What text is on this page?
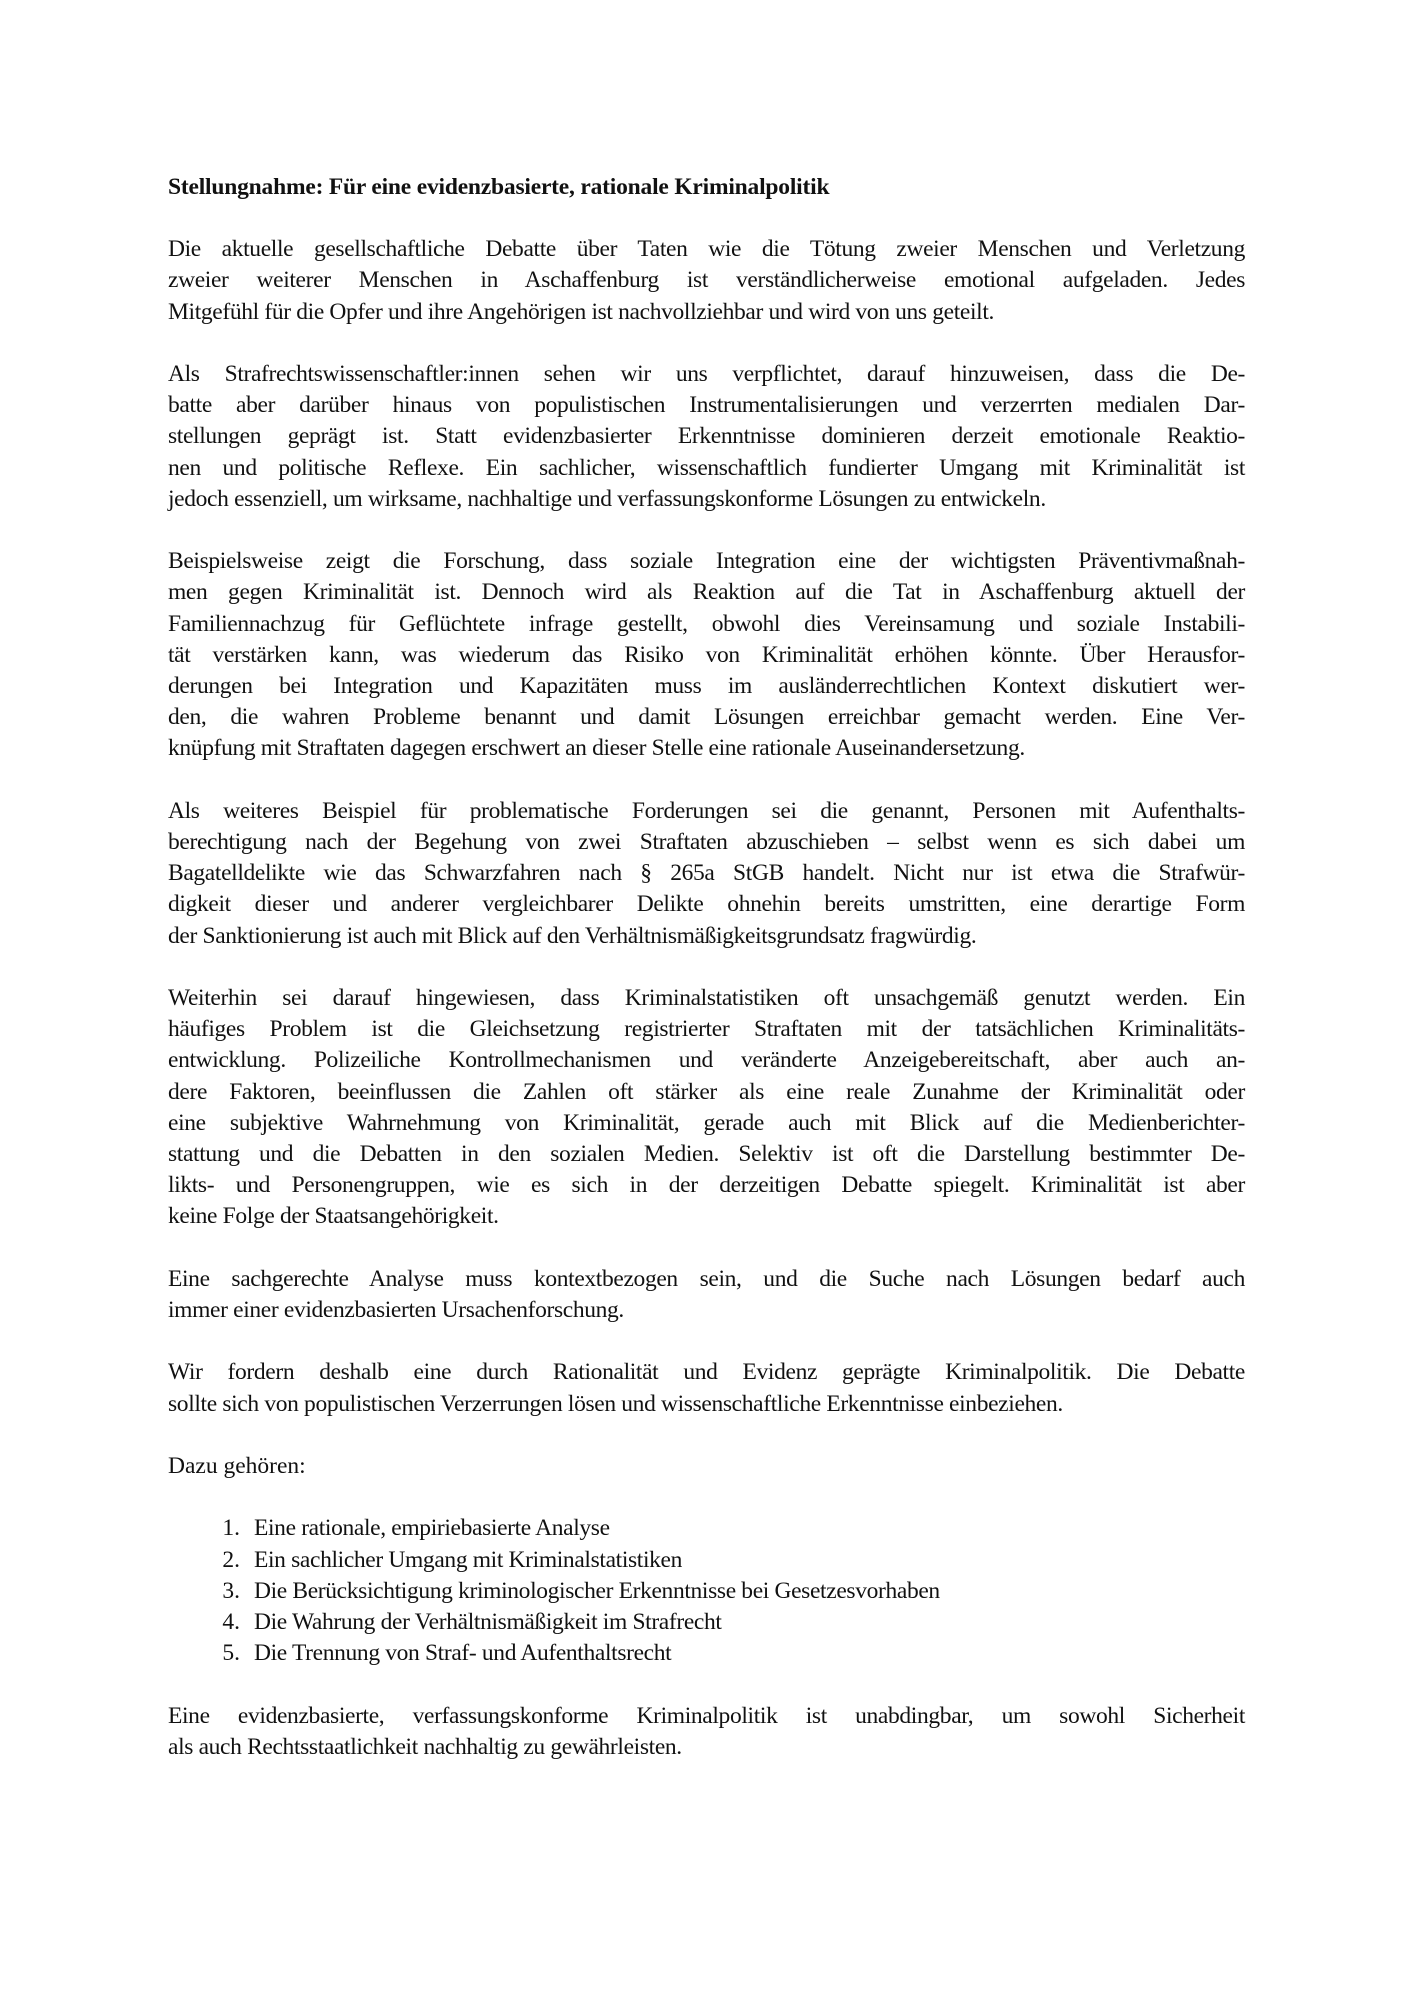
Stellungnahme: Für eine evidenzbasierte, rationale Kriminalpolitik
Die aktuelle gesellschaftliche Debatte über Taten wie die Tötung zweier Menschen und Verletzung
zweier weiterer Menschen in Aschaffenburg ist verständlicherweise emotional aufgeladen. Jedes
Mitgefühl für die Opfer und ihre Angehörigen ist nachvollziehbar und wird von uns geteilt.
Als Strafrechtswissenschaftler:innen sehen wir uns verpflichtet, darauf hinzuweisen, dass die De-
batte aber darüber hinaus von populistischen Instrumentalisierungen und verzerrten medialen Dar-
stellungen geprägt ist. Statt evidenzbasierter Erkenntnisse dominieren derzeit emotionale Reaktio-
nen und politische Reflexe. Ein sachlicher, wissenschaftlich fundierter Umgang mit Kriminalität ist
jedoch essenziell, um wirksame, nachhaltige und verfassungskonforme Lösungen zu entwickeln.
Beispielsweise zeigt die Forschung, dass soziale Integration eine der wichtigsten Präventivmaßnah-
men gegen Kriminalität ist. Dennoch wird als Reaktion auf die Tat in Aschaffenburg aktuell der
Familiennachzug für Geflüchtete infrage gestellt, obwohl dies Vereinsamung und soziale Instabili-
tät verstärken kann, was wiederum das Risiko von Kriminalität erhöhen könnte. Über Herausfor-
derungen bei Integration und Kapazitäten muss im ausländerrechtlichen Kontext diskutiert wer-
den, die wahren Probleme benannt und damit Lösungen erreichbar gemacht werden. Eine Ver-
knüpfung mit Straftaten dagegen erschwert an dieser Stelle eine rationale Auseinandersetzung.
Als weiteres Beispiel für problematische Forderungen sei die genannt, Personen mit Aufenthalts-
berechtigung nach der Begehung von zwei Straftaten abzuschieben – selbst wenn es sich dabei um
Bagatelldelikte wie das Schwarzfahren nach § 265a StGB handelt. Nicht nur ist etwa die Strafwür-
digkeit dieser und anderer vergleichbarer Delikte ohnehin bereits umstritten, eine derartige Form
der Sanktionierung ist auch mit Blick auf den Verhältnismäßigkeitsgrundsatz fragwürdig.
Weiterhin sei darauf hingewiesen, dass Kriminalstatistiken oft unsachgemäß genutzt werden. Ein
häufiges Problem ist die Gleichsetzung registrierter Straftaten mit der tatsächlichen Kriminalitäts-
entwicklung. Polizeiliche Kontrollmechanismen und veränderte Anzeigebereitschaft, aber auch an-
dere Faktoren, beeinflussen die Zahlen oft stärker als eine reale Zunahme der Kriminalität oder
eine subjektive Wahrnehmung von Kriminalität, gerade auch mit Blick auf die Medienberichter-
stattung und die Debatten in den sozialen Medien. Selektiv ist oft die Darstellung bestimmter De-
likts- und Personengruppen, wie es sich in der derzeitigen Debatte spiegelt. Kriminalität ist aber
keine Folge der Staatsangehörigkeit.
Eine sachgerechte Analyse muss kontextbezogen sein, und die Suche nach Lösungen bedarf auch
immer einer evidenzbasierten Ursachenforschung.
Wir fordern deshalb eine durch Rationalität und Evidenz geprägte Kriminalpolitik. Die Debatte
sollte sich von populistischen Verzerrungen lösen und wissenschaftliche Erkenntnisse einbeziehen.
Dazu gehören:
1. Eine rationale, empiriebasierte Analyse
2. Ein sachlicher Umgang mit Kriminalstatistiken
3. Die Berücksichtigung kriminologischer Erkenntnisse bei Gesetzesvorhaben
4. Die Wahrung der Verhältnismäßigkeit im Strafrecht
5. Die Trennung von Straf- und Aufenthaltsrecht
Eine evidenzbasierte, verfassungskonforme Kriminalpolitik ist unabdingbar, um sowohl Sicherheit
als auch Rechtsstaatlichkeit nachhaltig zu gewährleisten.
